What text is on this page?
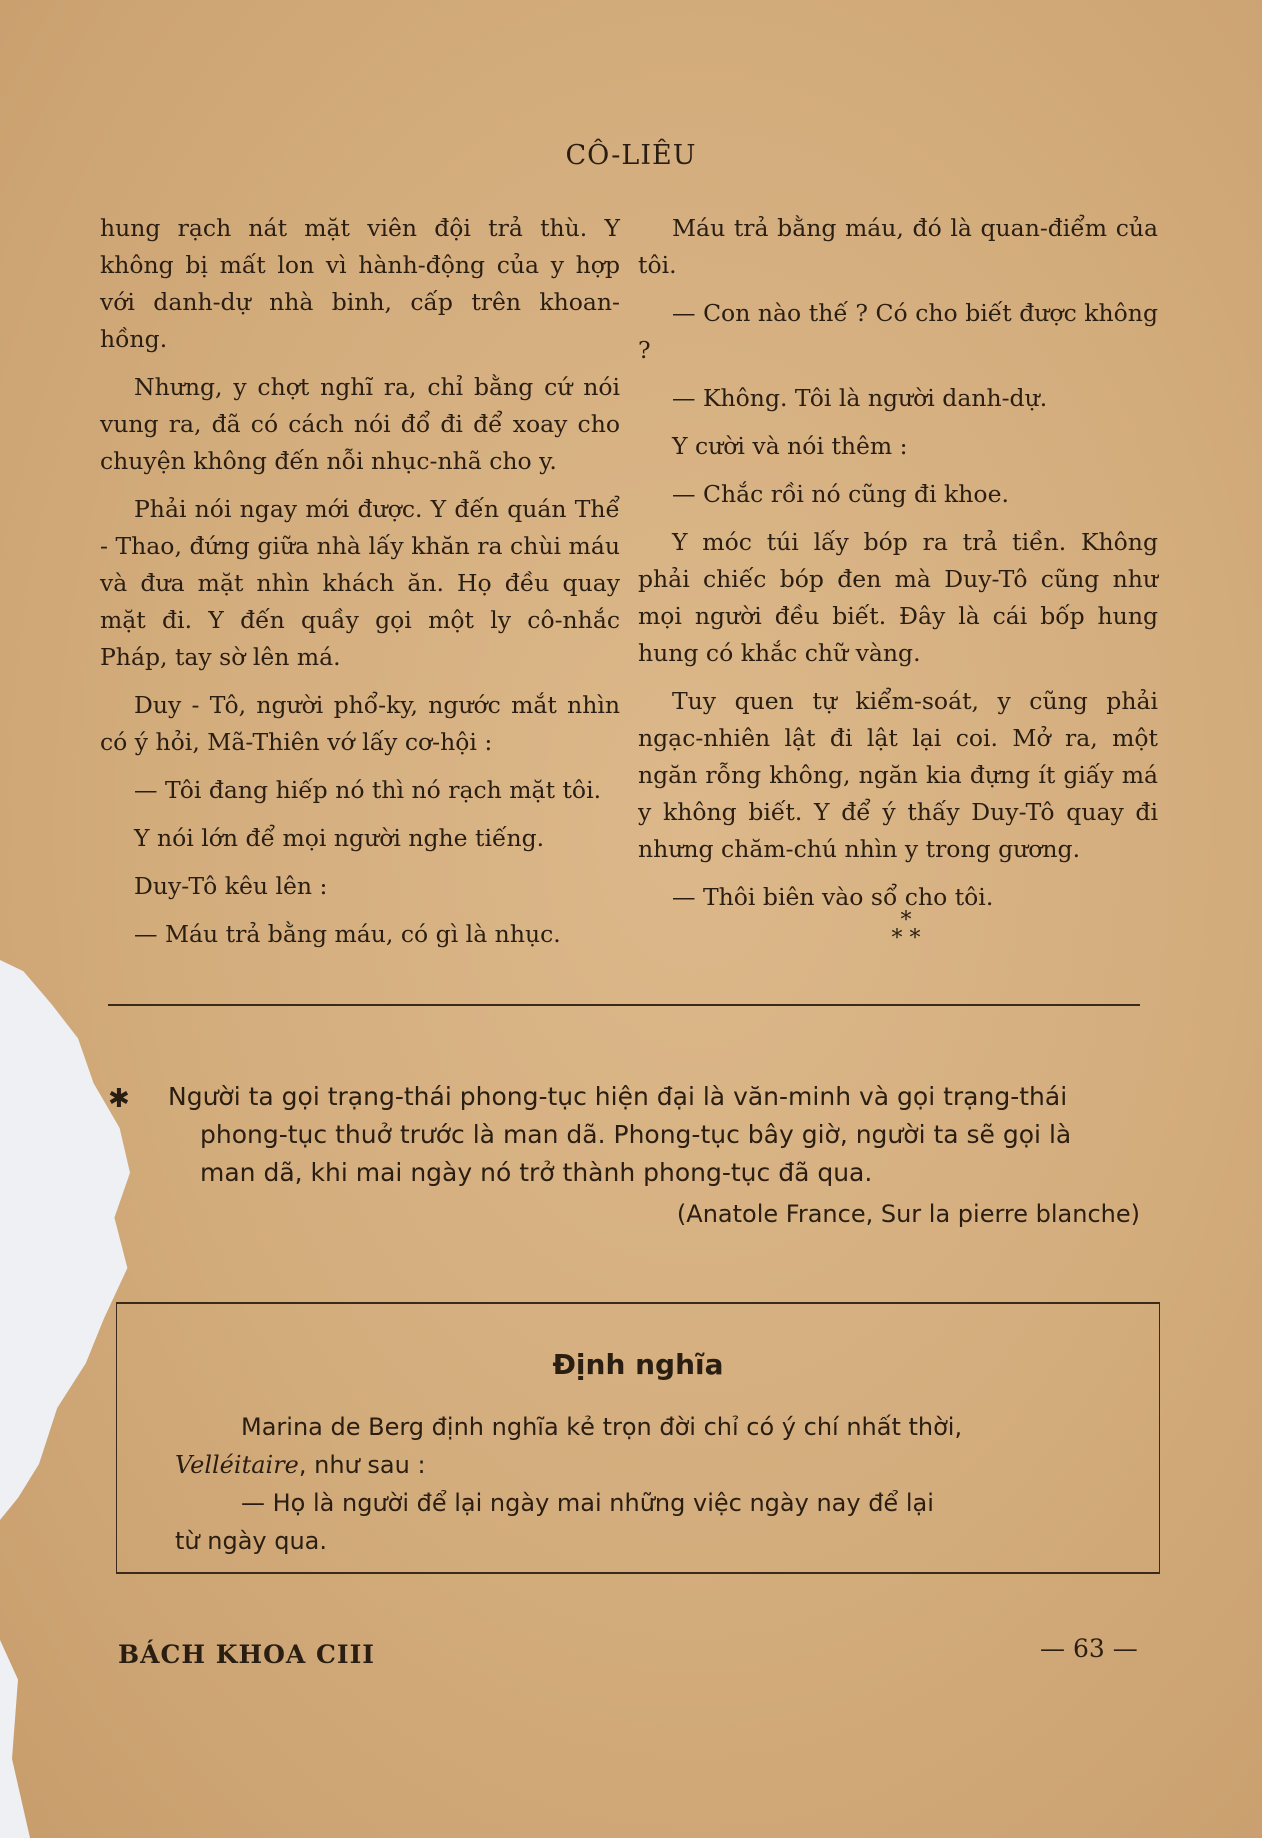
CÔ-LIÊU

hung rạch nát mặt viên đội trả thù. Y không bị mất lon vì hành-động của y hợp với danh-dự nhà binh, cấp trên khoan-hồng.

Nhưng, y chợt nghĩ ra, chỉ bằng cứ nói vung ra, đã có cách nói đổ đi để xoay cho chuyện không đến nỗi nhục-nhã cho y.

Phải nói ngay mới được. Y đến quán Thể - Thao, đứng giữa nhà lấy khăn ra chùi máu và đưa mặt nhìn khách ăn. Họ đều quay mặt đi. Y đến quầy gọi một ly cô-nhắc Pháp, tay sờ lên má.

Duy - Tô, người phổ-ky, ngước mắt nhìn có ý hỏi, Mã-Thiên vớ lấy cơ-hội :

— Tôi đang hiếp nó thì nó rạch mặt tôi.

Y nói lớn để mọi người nghe tiếng.

Duy-Tô kêu lên :

— Máu trả bằng máu, có gì là nhục.

Máu trả bằng máu, đó là quan-điểm của tôi.

— Con nào thế ? Có cho biết được không ?

— Không. Tôi là người danh-dự.

Y cười và nói thêm :

— Chắc rồi nó cũng đi khoe.

Y móc túi lấy bóp ra trả tiền. Không phải chiếc bóp đen mà Duy-Tô cũng như mọi người đều biết. Đây là cái bốp hung hung có khắc chữ vàng.

Tuy quen tự kiểm-soát, y cũng phải ngạc-nhiên lật đi lật lại coi. Mở ra, một ngăn rỗng không, ngăn kia đựng ít giấy má y không biết. Y để ý thấy Duy-Tô quay đi nhưng chăm-chú nhìn y trong gương.

— Thôi biên vào sổ cho tôi.

*
* *
✱	Người ta gọi trạng-thái phong-tục hiện đại là văn-minh và gọi trạng-thái
phong-tục thuở trước là man dã. Phong-tục bây giờ, người ta sẽ gọi là
man dã, khi mai ngày nó trở thành phong-tục đã qua.
(Anatole France, Sur la pierre blanche)
Định nghĩa
Marina de Berg định nghĩa kẻ trọn đời chỉ có ý chí nhất thời,
Velléitaire, như sau :
— Họ là người để lại ngày mai những việc ngày nay để lại
từ ngày qua.
BÁCH KHOA CIII	— 63 —
